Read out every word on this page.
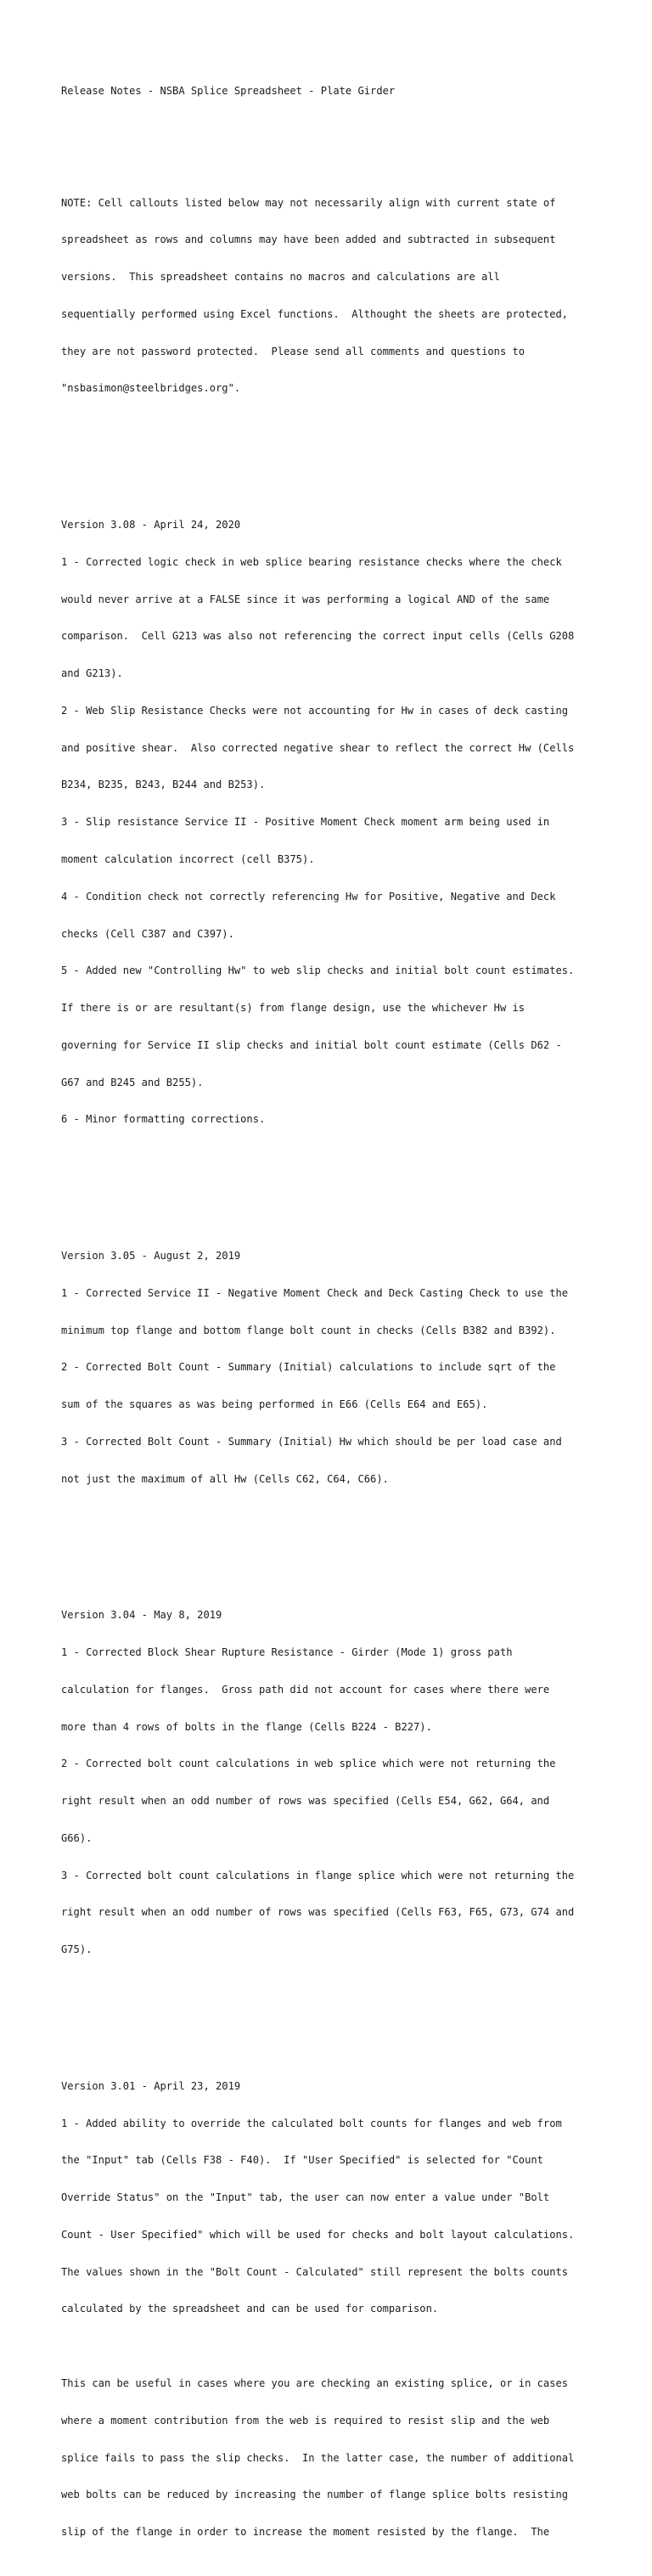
Release Notes - NSBA Splice Spreadsheet - Plate Girder

NOTE: Cell callouts listed below may not necessarily align with current state of

spreadsheet as rows and columns may have been added and subtracted in subsequent

versions.  This spreadsheet contains no macros and calculations are all

sequentially performed using Excel functions.  Althought the sheets are protected,

they are not password protected.  Please send all comments and questions to

"nsbasimon@steelbridges.org".

Version 3.08 - April 24, 2020

1 - Corrected logic check in web splice bearing resistance checks where the check

would never arrive at a FALSE since it was performing a logical AND of the same

comparison.  Cell G213 was also not referencing the correct input cells (Cells G208

and G213).

2 - Web Slip Resistance Checks were not accounting for Hw in cases of deck casting

and positive shear.  Also corrected negative shear to reflect the correct Hw (Cells

B234, B235, B243, B244 and B253).

3 - Slip resistance Service II - Positive Moment Check moment arm being used in

moment calculation incorrect (cell B375).

4 - Condition check not correctly referencing Hw for Positive, Negative and Deck

checks (Cell C387 and C397).

5 - Added new "Controlling Hw" to web slip checks and initial bolt count estimates.

If there is or are resultant(s) from flange design, use the whichever Hw is

governing for Service II slip checks and initial bolt count estimate (Cells D62 -

G67 and B245 and B255).

6 - Minor formatting corrections.

Version 3.05 - August 2, 2019

1 - Corrected Service II - Negative Moment Check and Deck Casting Check to use the

minimum top flange and bottom flange bolt count in checks (Cells B382 and B392).

2 - Corrected Bolt Count - Summary (Initial) calculations to include sqrt of the

sum of the squares as was being performed in E66 (Cells E64 and E65).

3 - Corrected Bolt Count - Summary (Initial) Hw which should be per load case and

not just the maximum of all Hw (Cells C62, C64, C66).

Version 3.04 - May 8, 2019

1 - Corrected Block Shear Rupture Resistance - Girder (Mode 1) gross path

calculation for flanges.  Gross path did not account for cases where there were

more than 4 rows of bolts in the flange (Cells B224 - B227).

2 - Corrected bolt count calculations in web splice which were not returning the

right result when an odd number of rows was specified (Cells E54, G62, G64, and

G66).

3 - Corrected bolt count calculations in flange splice which were not returning the

right result when an odd number of rows was specified (Cells F63, F65, G73, G74 and

G75).

Version 3.01 - April 23, 2019

1 - Added ability to override the calculated bolt counts for flanges and web from

the "Input" tab (Cells F38 - F40).  If "User Specified" is selected for "Count

Override Status" on the "Input" tab, the user can now enter a value under "Bolt

Count - User Specified" which will be used for checks and bolt layout calculations.

The values shown in the "Bolt Count - Calculated" still represent the bolts counts

calculated by the spreadsheet and can be used for comparison.

This can be useful in cases where you are checking an existing splice, or in cases

where a moment contribution from the web is required to resist slip and the web

splice fails to pass the slip checks.  In the latter case, the number of additional

web bolts can be reduced by increasing the number of flange splice bolts resisting

slip of the flange in order to increase the moment resisted by the flange.  The
